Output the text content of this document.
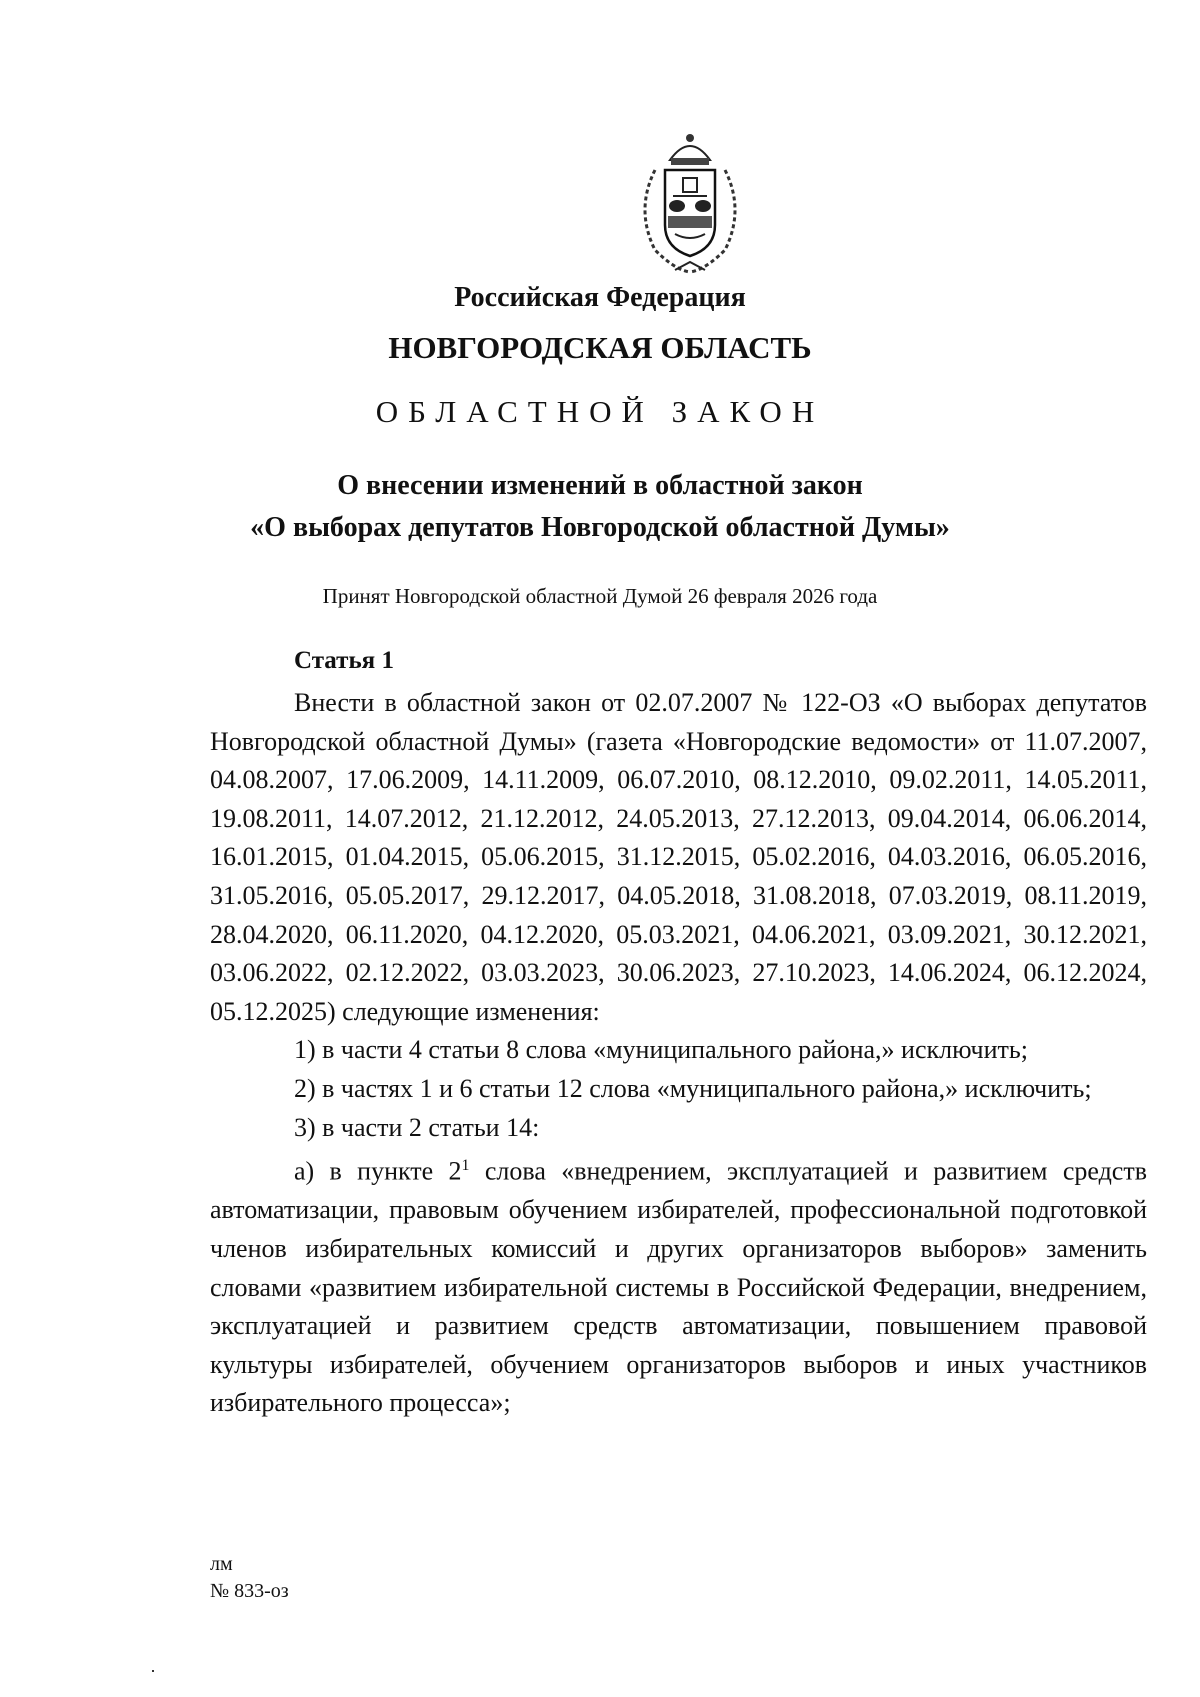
Российская Федерация
НОВГОРОДСКАЯ ОБЛАСТЬ
ОБЛАСТНОЙ ЗАКОН
О внесении изменений в областной закон
«О выборах депутатов Новгородской областной Думы»
Принят Новгородской областной Думой 26 февраля 2026 года
Статья 1

Внести в областной закон от 02.07.2007 № 122-ОЗ «О выборах депутатов Новгородской областной Думы» (газета «Новгородские ведомости» от 11.07.2007, 04.08.2007, 17.06.2009, 14.11.2009, 06.07.2010, 08.12.2010, 09.02.2011, 14.05.2011, 19.08.2011, 14.07.2012, 21.12.2012, 24.05.2013, 27.12.2013, 09.04.2014, 06.06.2014, 16.01.2015, 01.04.2015, 05.06.2015, 31.12.2015, 05.02.2016, 04.03.2016, 06.05.2016, 31.05.2016, 05.05.2017, 29.12.2017, 04.05.2018, 31.08.2018, 07.03.2019, 08.11.2019, 28.04.2020, 06.11.2020, 04.12.2020, 05.03.2021, 04.06.2021, 03.09.2021, 30.12.2021, 03.06.2022, 02.12.2022, 03.03.2023, 30.06.2023, 27.10.2023, 14.06.2024, 06.12.2024, 05.12.2025) следующие изменения:

1) в части 4 статьи 8 слова «муниципального района,» исключить;

2) в частях 1 и 6 статьи 12 слова «муниципального района,» исключить;

3) в части 2 статьи 14:

а) в пункте $2^1$ слова «внедрением, эксплуатацией и развитием средств автоматизации, правовым обучением избирателей, профессиональной подготовкой членов избирательных комиссий и других организаторов выборов» заменить словами «развитием избирательной системы в Российской Федерации, внедрением, эксплуатацией и развитием средств автоматизации, повышением правовой культуры избирателей, обучением организаторов выборов и иных участников избирательного процесса»;

лм
№ 833-оз
